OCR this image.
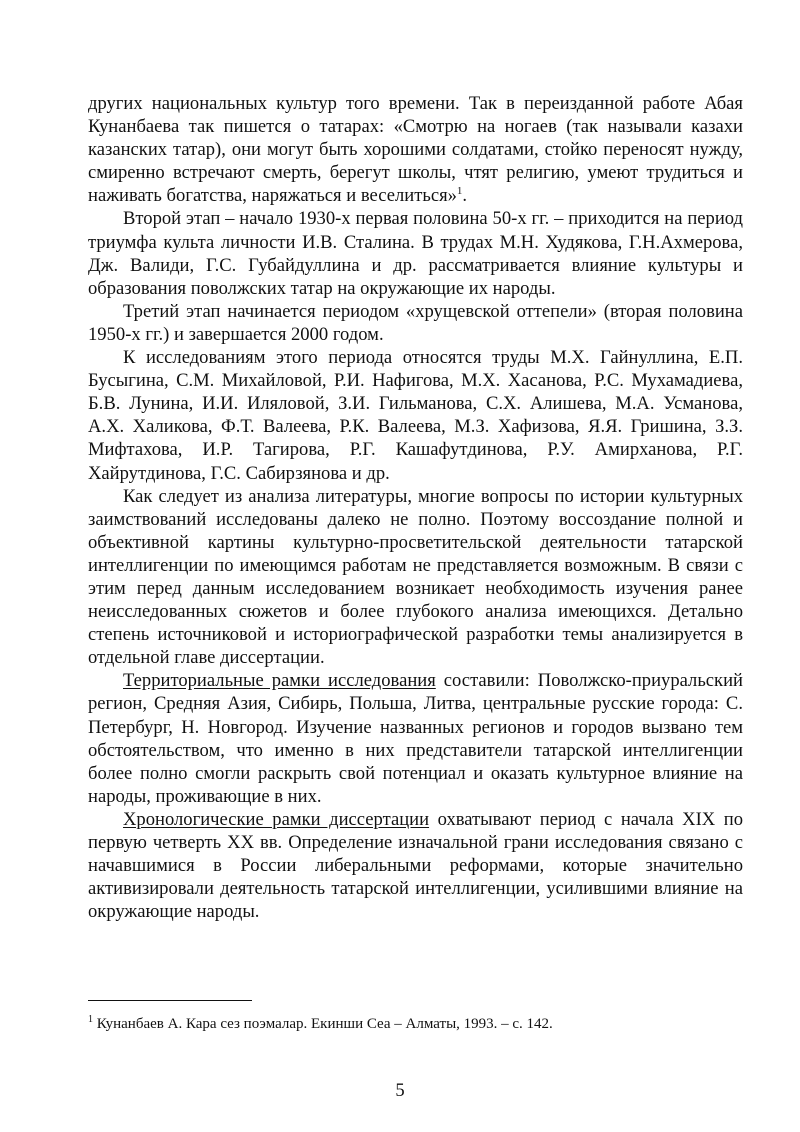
других национальных культур того времени. Так в переизданной работе Абая Кунанбаева так пишется о татарах: «Смотрю на ногаев (так называли казахи казанских татар), они могут быть хорошими солдатами, стойко переносят нужду, смиренно встречают смерть, берегут школы, чтят религию, умеют трудиться и наживать богатства, наряжаться и веселиться»$^1$.

Второй этап – начало 1930-х первая половина 50-х гг. – приходится на период триумфа культа личности И.В. Сталина. В трудах М.Н. Худякова, Г.Н.Ахмерова, Дж. Валиди, Г.С. Губайдуллина и др. рассматривается влияние культуры и образования поволжских татар на окружающие их народы.

Третий этап начинается периодом «хрущевской оттепели» (вторая половина 1950-х гг.) и завершается 2000 годом.

К исследованиям этого периода относятся труды М.Х. Гайнуллина, Е.П. Бусыгина, С.М. Михайловой, Р.И. Нафигова, М.Х. Хасанова, Р.С. Мухамадиева, Б.В. Лунина, И.И. Иляловой, З.И. Гильманова, С.Х. Алишева, М.А. Усманова, А.Х. Халикова, Ф.Т. Валеева, Р.К. Валеева, М.З. Хафизова, Я.Я. Гришина, З.З. Мифтахова, И.Р. Тагирова, Р.Г. Кашафутдинова, Р.У. Амирханова, Р.Г. Хайрутдинова, Г.С. Сабирзянова и др.

Как следует из анализа литературы, многие вопросы по истории культурных заимствований исследованы далеко не полно. Поэтому воссоздание полной и объективной картины культурно-просветительской деятельности татарской интеллигенции по имеющимся работам не представляется возможным. В связи с этим перед данным исследованием возникает необходимость изучения ранее неисследованных сюжетов и более глубокого анализа имеющихся. Детально степень источниковой и историографической разработки темы анализируется в отдельной главе диссертации.

Территориальные рамки исследования составили: Поволжско-приуральский регион, Средняя Азия, Сибирь, Польша, Литва, центральные русские города: С. Петербург, Н. Новгород. Изучение названных регионов и городов вызвано тем обстоятельством, что именно в них представители татарской интеллигенции более полно смогли раскрыть свой потенциал и оказать культурное влияние на народы, проживающие в них.

Хронологические рамки диссертации охватывают период с начала XIX по первую четверть XX вв. Определение изначальной грани исследования связано с начавшимися в России либеральными реформами, которые значительно активизировали деятельность татарской интеллигенции, усилившими влияние на окружающие народы.

$^1$ Кунанбаев А. Кара сез поэмалар. Екинши Сеа – Алматы, 1993. – с. 142.
5
